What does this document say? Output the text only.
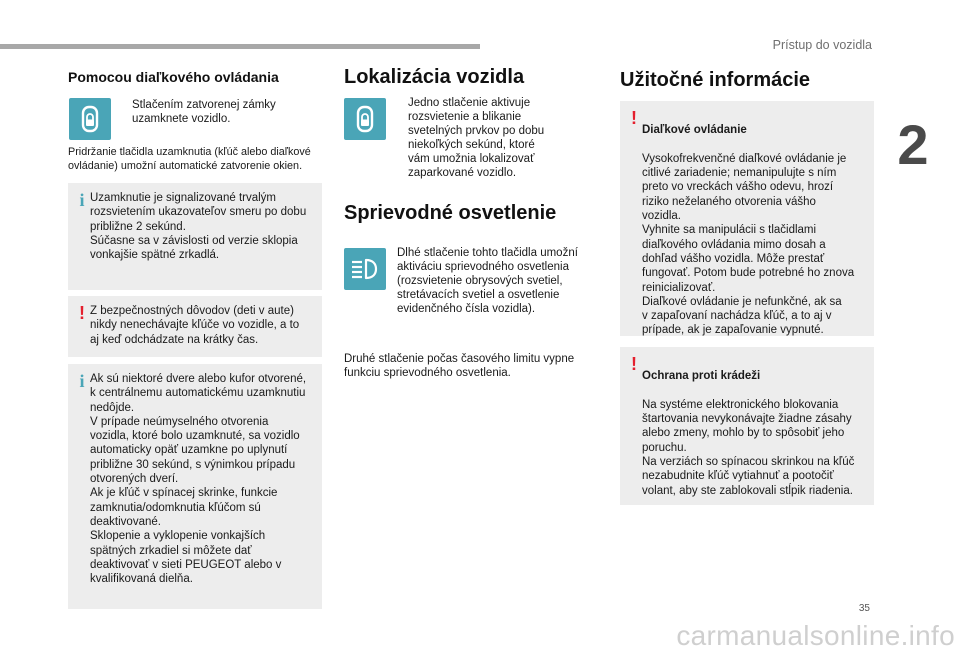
Prístup do vozidla
2
35
carmanualsonline.info
Pomocou diaľkového ovládania
Stlačením zatvorenej zámky
uzamknete vozidlo.
Pridržanie tlačidla uzamknutia (kľúč alebo diaľkové
ovládanie) umožní automatické zatvorenie okien.
i Uzamknutie je signalizované trvalým
rozsvietením ukazovateľov smeru po dobu
približne 2 sekúnd.
Súčasne sa v závislosti od verzie sklopia
vonkajšie spätné zrkadlá.
! Z bezpečnostných dôvodov (deti v aute)
nikdy nenechávajte kľúče vo vozidle, a to
aj keď odchádzate na krátky čas.
i Ak sú niektoré dvere alebo kufor otvorené,
k centrálnemu automatickému uzamknutiu
nedôjde.
V prípade neúmyselného otvorenia
vozidla, ktoré bolo uzamknuté, sa vozidlo
automaticky opäť uzamkne po uplynutí
približne 30 sekúnd, s výnimkou prípadu
otvorených dverí.
Ak je kľúč v spínacej skrinke, funkcie
zamknutia/odomknutia kľúčom sú
deaktivované.
Sklopenie a vyklopenie vonkajších
spätných zrkadiel si môžete dať
deaktivovať v sieti PEUGEOT alebo v
kvalifikovaná dielňa.
Lokalizácia vozidla
Jedno stlačenie aktivuje
rozsvietenie a blikanie
svetelných prvkov po dobu
niekoľkých sekúnd, ktoré
vám umožnia lokalizovať
zaparkované vozidlo.
Sprievodné osvetlenie
Dlhé stlačenie tohto tlačidla umožní
aktiváciu sprievodného osvetlenia
(rozsvietenie obrysových svetiel,
stretávacích svetiel a osvetlenie
evidenčného čísla vozidla).
Druhé stlačenie počas časového limitu vypne
funkciu sprievodného osvetlenia.
Užitočné informácie
!

Diaľkové ovládanie

Vysokofrekvenčné diaľkové ovládanie je
citlivé zariadenie; nemanipulujte s ním
preto vo vreckách vášho odevu, hrozí
riziko neželaného otvorenia vášho
vozidla.
Vyhnite sa manipulácii s tlačidlami
diaľkového ovládania mimo dosah a
dohľad vášho vozidla. Môže prestať
fungovať. Potom bude potrebné ho znova
reinicializovať.
Diaľkové ovládanie je nefunkčné, ak sa
v zapaľovaní nachádza kľúč, a to aj v
prípade, ak je zapaľovanie vypnuté.

!

Ochrana proti krádeži

Na systéme elektronického blokovania
štartovania nevykonávajte žiadne zásahy
alebo zmeny, mohlo by to spôsobiť jeho
poruchu.
Na verziách so spínacou skrinkou na kľúč
nezabudnite kľúč vytiahnuť a pootočiť
volant, aby ste zablokovali stĺpik riadenia.
